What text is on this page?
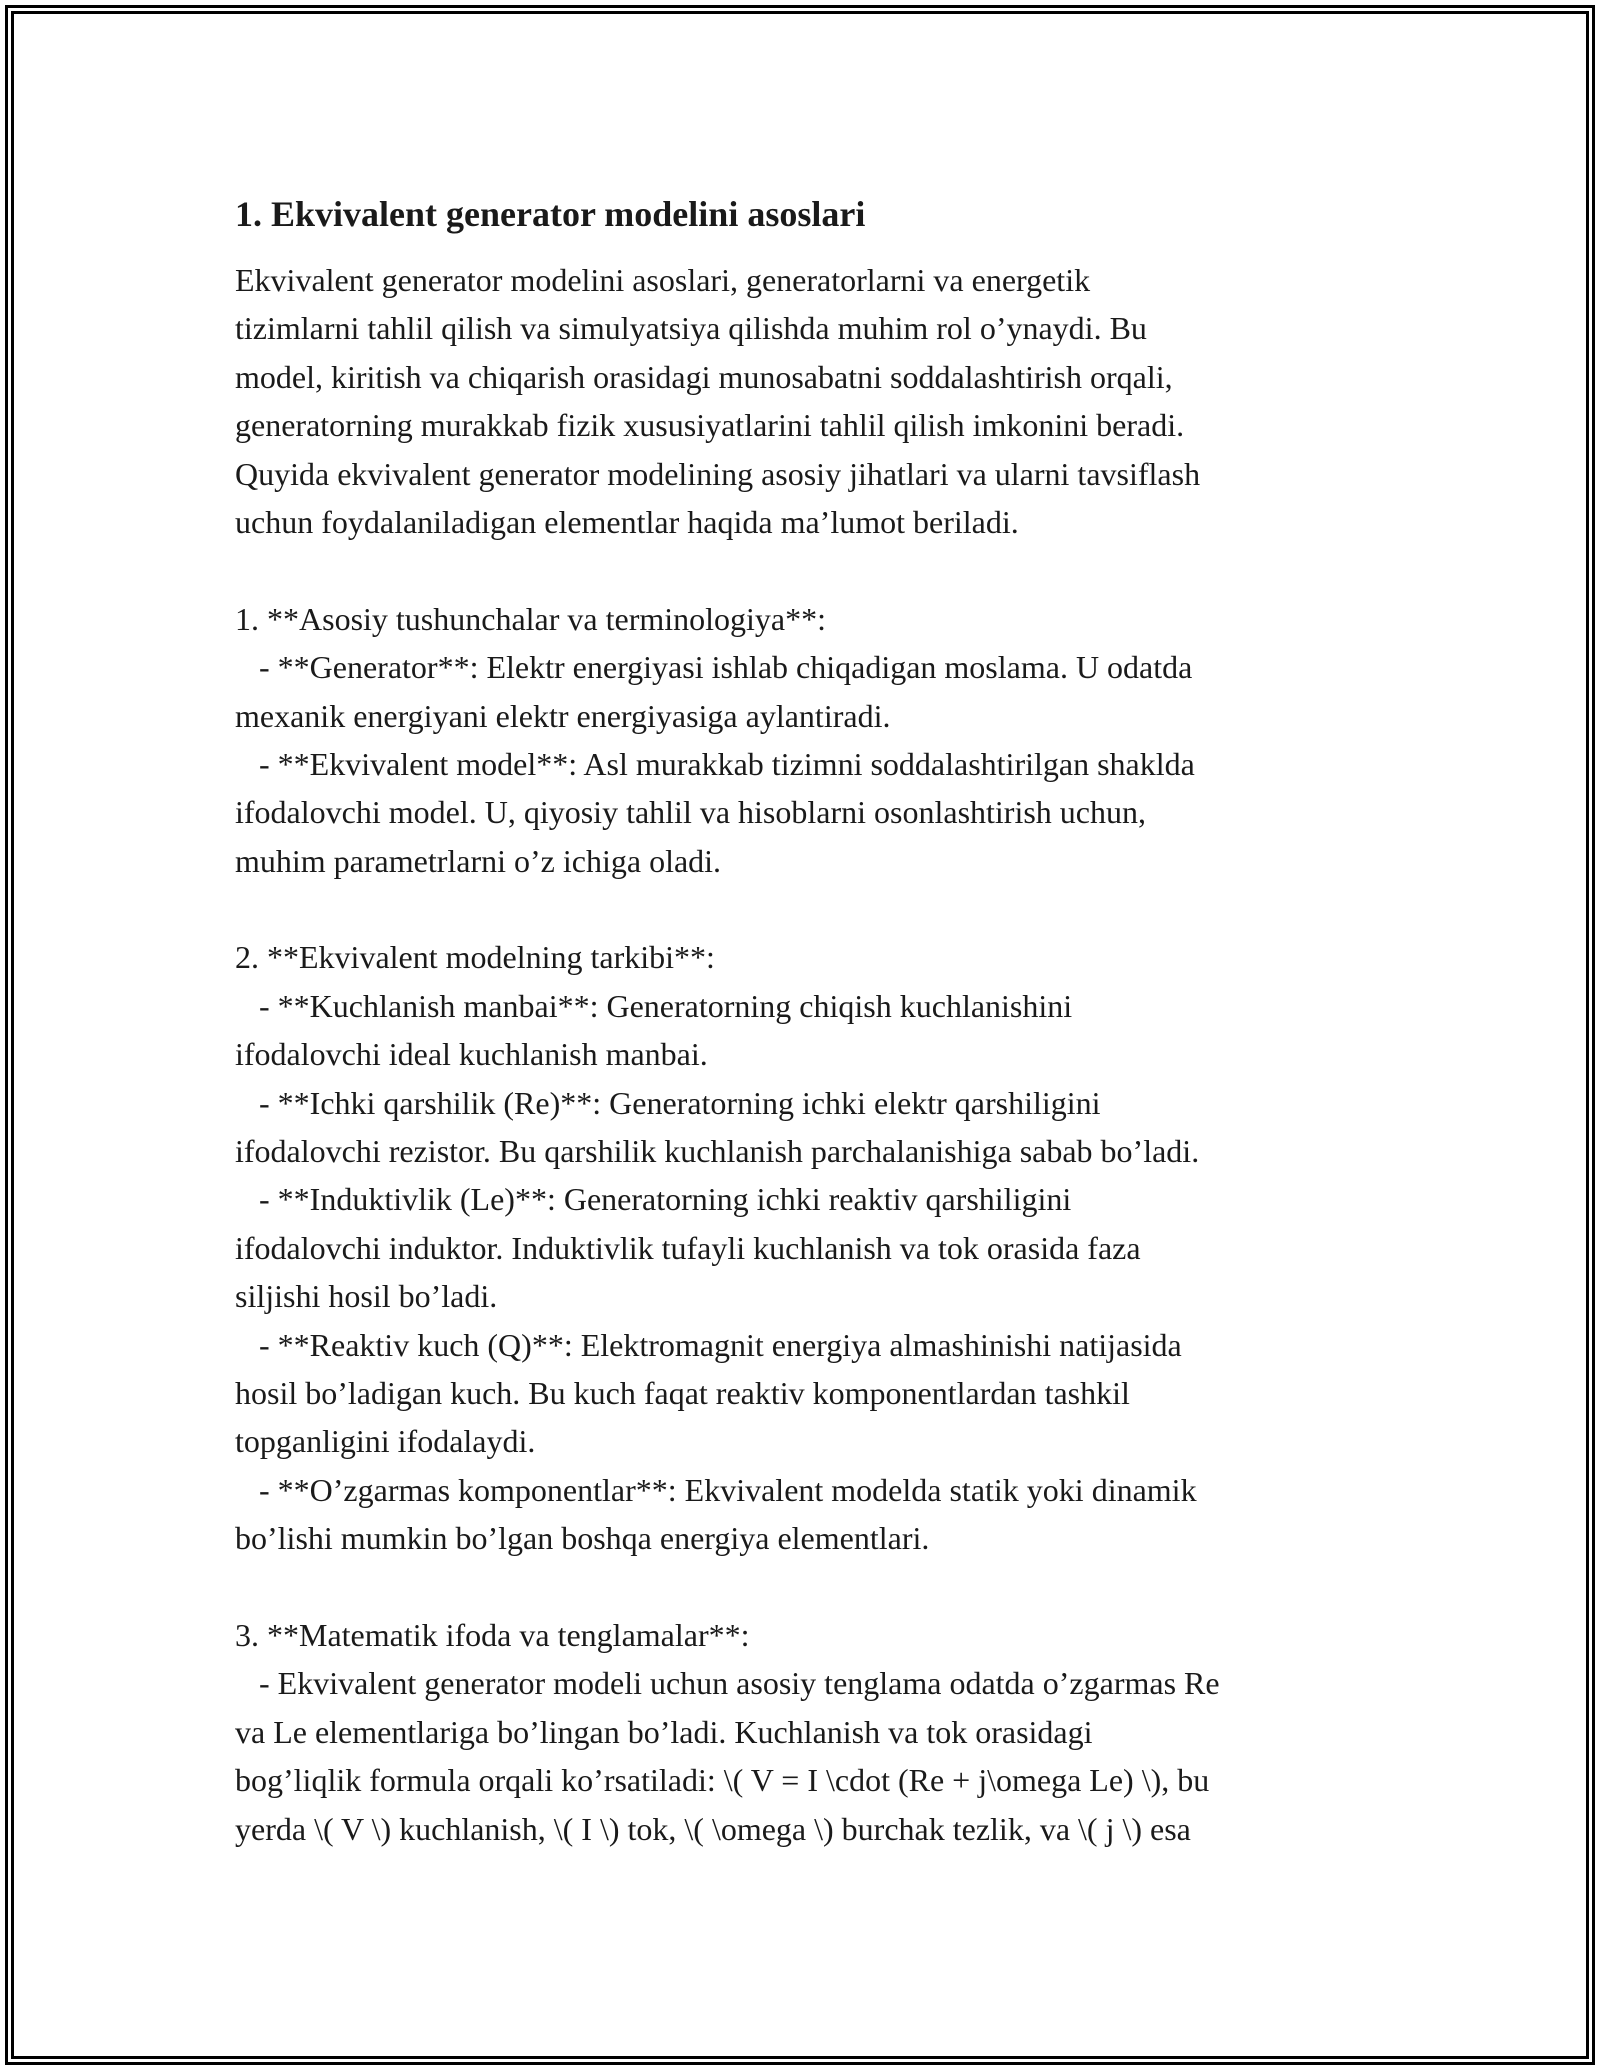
1. Ekvivalent generator modelini asoslari
Ekvivalent generator modelini asoslari, generatorlarni va energetik
tizimlarni tahlil qilish va simulyatsiya qilishda muhim rol o’ynaydi. Bu
model, kiritish va chiqarish orasidagi munosabatni soddalashtirish orqali,
generatorning murakkab fizik xususiyatlarini tahlil qilish imkonini beradi.
Quyida ekvivalent generator modelining asosiy jihatlari va ularni tavsiflash
uchun foydalaniladigan elementlar haqida ma’lumot beriladi.
1. **Asosiy tushunchalar va terminologiya**:
- **Generator**: Elektr energiyasi ishlab chiqadigan moslama. U odatda
mexanik energiyani elektr energiyasiga aylantiradi.
- **Ekvivalent model**: Asl murakkab tizimni soddalashtirilgan shaklda
ifodalovchi model. U, qiyosiy tahlil va hisoblarni osonlashtirish uchun,
muhim parametrlarni o’z ichiga oladi.
2. **Ekvivalent modelning tarkibi**:
- **Kuchlanish manbai**: Generatorning chiqish kuchlanishini
ifodalovchi ideal kuchlanish manbai.
- **Ichki qarshilik (Re)**: Generatorning ichki elektr qarshiligini
ifodalovchi rezistor. Bu qarshilik kuchlanish parchalanishiga sabab bo’ladi.
- **Induktivlik (Le)**: Generatorning ichki reaktiv qarshiligini
ifodalovchi induktor. Induktivlik tufayli kuchlanish va tok orasida faza
siljishi hosil bo’ladi.
- **Reaktiv kuch (Q)**: Elektromagnit energiya almashinishi natijasida
hosil bo’ladigan kuch. Bu kuch faqat reaktiv komponentlardan tashkil
topganligini ifodalaydi.
- **O’zgarmas komponentlar**: Ekvivalent modelda statik yoki dinamik
bo’lishi mumkin bo’lgan boshqa energiya elementlari.
3. **Matematik ifoda va tenglamalar**:
- Ekvivalent generator modeli uchun asosiy tenglama odatda o’zgarmas Re
va Le elementlariga bo’lingan bo’ladi. Kuchlanish va tok orasidagi
bog’liqlik formula orqali ko’rsatiladi: \( V = I \cdot (Re + j\omega Le) \), bu
yerda \( V \) kuchlanish, \( I \) tok, \( \omega \) burchak tezlik, va \( j \) esa
